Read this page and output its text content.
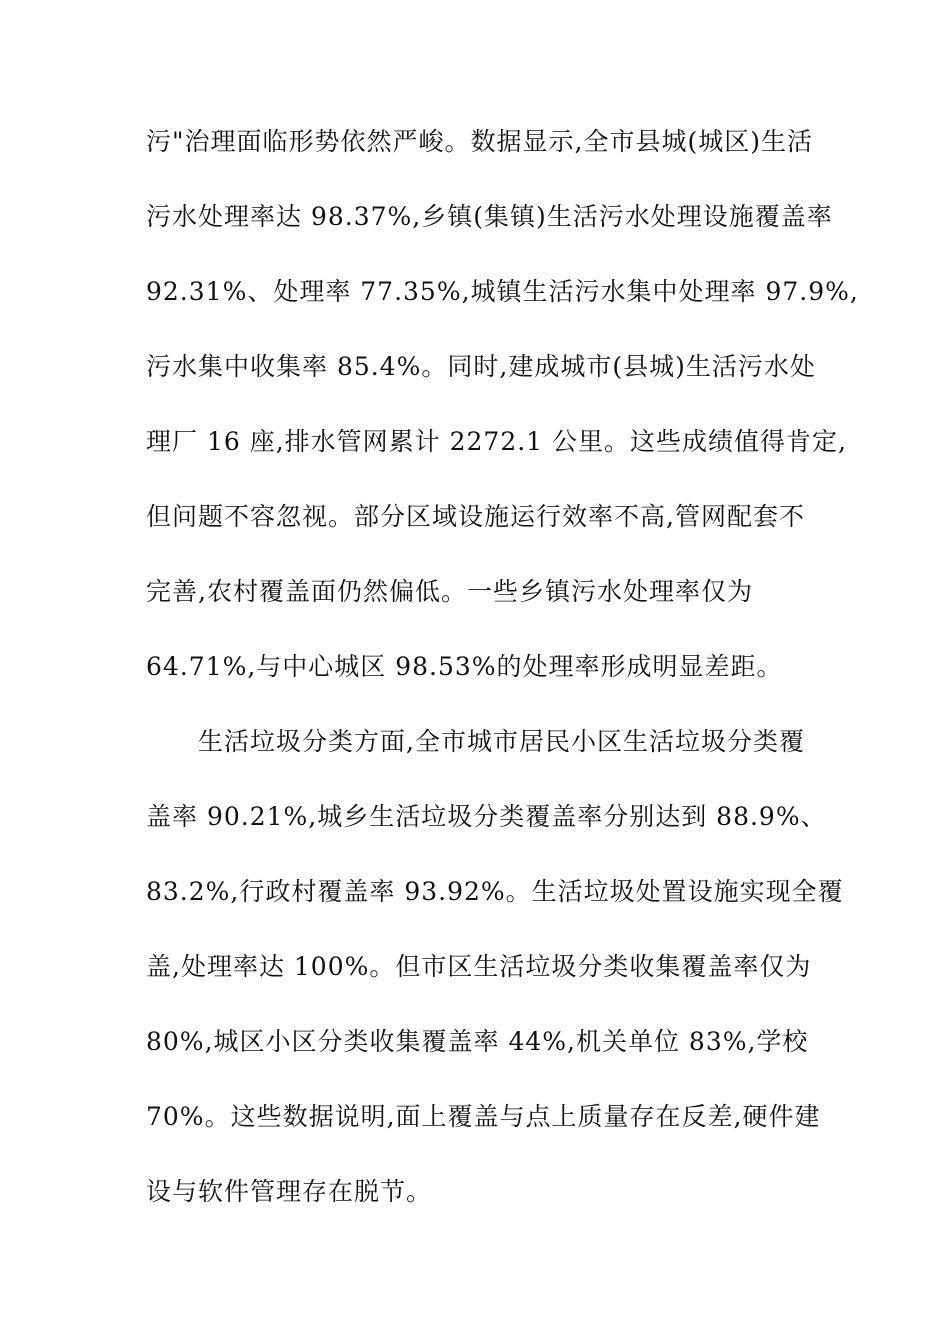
污"治理面临形势依然严峻。数据显示,全市县城(城区)生活
污水处理率达 98.37%,乡镇(集镇)生活污水处理设施覆盖率
92.31%、处理率 77.35%,城镇生活污水集中处理率 97.9%,
污水集中收集率 85.4%。同时,建成城市(县城)生活污水处
理厂 16 座,排水管网累计 2272.1 公里。这些成绩值得肯定,
但问题不容忽视。部分区域设施运行效率不高,管网配套不
完善,农村覆盖面仍然偏低。一些乡镇污水处理率仅为
64.71%,与中心城区 98.53%的处理率形成明显差距。
生活垃圾分类方面,全市城市居民小区生活垃圾分类覆
盖率 90.21%,城乡生活垃圾分类覆盖率分别达到 88.9%、
83.2%,行政村覆盖率 93.92%。生活垃圾处置设施实现全覆
盖,处理率达 100%。但市区生活垃圾分类收集覆盖率仅为
80%,城区小区分类收集覆盖率 44%,机关单位 83%,学校
70%。这些数据说明,面上覆盖与点上质量存在反差,硬件建
设与软件管理存在脱节。
